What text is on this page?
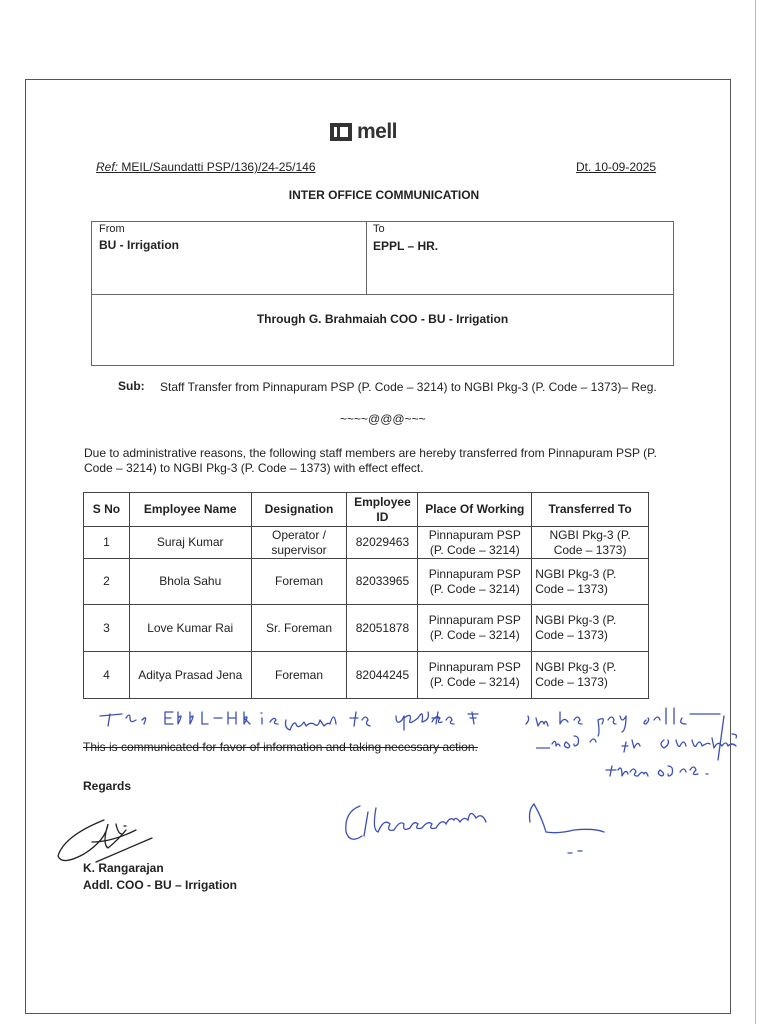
mell
Ref: MEIL/Saundatti PSP/136)/24-25/146	Dt. 10-09-2025
INTER OFFICE COMMUNICATION
From
BU - Irrigation
To
EPPL – HR.
Through G. Brahmaiah COO - BU - Irrigation
Sub: Staff Transfer from Pinnapuram PSP (P. Code – 3214) to NGBI Pkg-3 (P. Code – 1373)– Reg.
~~~~@@@~~~
Due to administrative reasons, the following staff members are hereby transferred from Pinnapuram PSP (P. Code – 3214) to NGBI Pkg-3 (P. Code – 1373) with effect effect.
S No	Employee Name	Designation	Employee ID	Place Of Working	Transferred To
1	Suraj Kumar	Operator / supervisor	82029463	Pinnapuram PSP (P. Code – 3214)	NGBI Pkg-3 (P. Code – 1373)
2	Bhola Sahu	Foreman	82033965	Pinnapuram PSP (P. Code – 3214)	NGBI Pkg-3 (P. Code – 1373)
3	Love Kumar Rai	Sr. Foreman	82051878	Pinnapuram PSP (P. Code – 3214)	NGBI Pkg-3 (P. Code – 1373)
4	Aditya Prasad Jena	Foreman	82044245	Pinnapuram PSP (P. Code – 3214)	NGBI Pkg-3 (P. Code – 1373)
This is communicated for favor of information and taking necessary action.
Regards
K. Rangarajan
Addl. COO - BU – Irrigation
